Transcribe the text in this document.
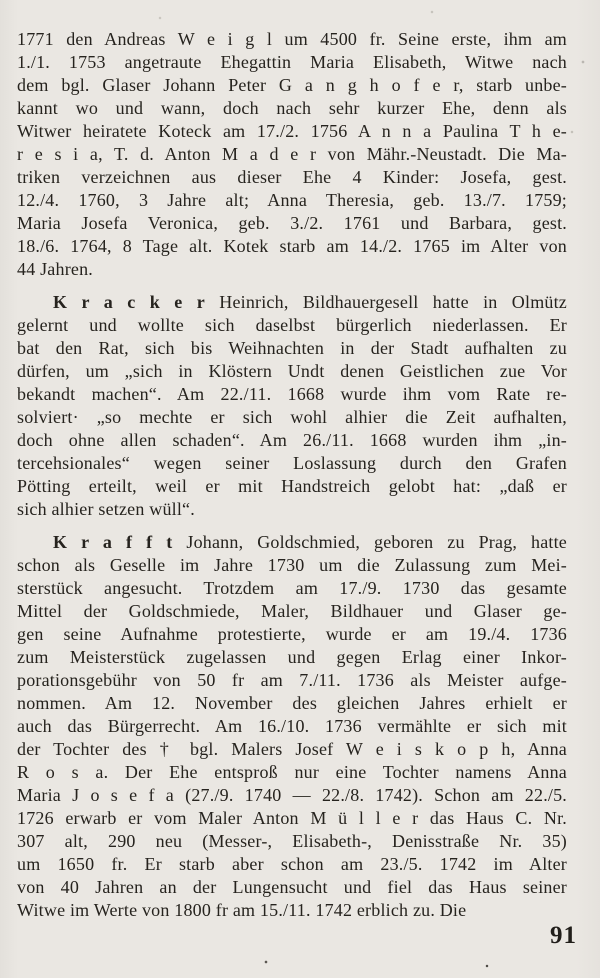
1771 den Andreas W e i g l um 4500 fr. Seine erste, ihm am
1./1. 1753 angetraute Ehegattin Maria Elisabeth, Witwe nach
dem bgl. Glaser Johann Peter G a n g h o f e r, starb unbe-
kannt wo und wann, doch nach sehr kurzer Ehe, denn als
Witwer heiratete Koteck am 17./2. 1756 A n n a Paulina T h e-
r e s i a, T. d. Anton M a d e r von Mähr.-Neustadt. Die Ma-
triken verzeichnen aus dieser Ehe 4 Kinder: Josefa, gest.
12./4. 1760, 3 Jahre alt; Anna Theresia, geb. 13./7. 1759;
Maria Josefa Veronica, geb. 3./2. 1761 und Barbara, gest.
18./6. 1764, 8 Tage alt. Kotek starb am 14./2. 1765 im Alter von
44 Jahren.
K r a c k e r Heinrich, Bildhauergesell hatte in Olmütz
gelernt und wollte sich daselbst bürgerlich niederlassen. Er
bat den Rat, sich bis Weihnachten in der Stadt aufhalten zu
dürfen, um „sich in Klöstern Undt denen Geistlichen zue Vor
bekandt machen“. Am 22./11. 1668 wurde ihm vom Rate re-
solviert· „so mechte er sich wohl alhier die Zeit aufhalten,
doch ohne allen schaden“. Am 26./11. 1668 wurden ihm „in-
tercehsionales“ wegen seiner Loslassung durch den Grafen
Pötting erteilt, weil er mit Handstreich gelobt hat: „daß er
sich alhier setzen wüll“.
K r a f f t Johann, Goldschmied, geboren zu Prag, hatte
schon als Geselle im Jahre 1730 um die Zulassung zum Mei-
sterstück angesucht. Trotzdem am 17./9. 1730 das gesamte
Mittel der Goldschmiede, Maler, Bildhauer und Glaser ge-
gen seine Aufnahme protestierte, wurde er am 19./4. 1736
zum Meisterstück zugelassen und gegen Erlag einer Inkor-
porationsgebühr von 50 fr am 7./11. 1736 als Meister aufge-
nommen. Am 12. November des gleichen Jahres erhielt er
auch das Bürgerrecht. Am 16./10. 1736 vermählte er sich mit
der Tochter des † bgl. Malers Josef W e i s k o p h, Anna
R o s a. Der Ehe entsproß nur eine Tochter namens Anna
Maria J o s e f a (27./9. 1740 — 22./8. 1742). Schon am 22./5.
1726 erwarb er vom Maler Anton M ü l l e r das Haus C. Nr.
307 alt, 290 neu (Messer-, Elisabeth-, Denisstraße Nr. 35)
um 1650 fr. Er starb aber schon am 23./5. 1742 im Alter
von 40 Jahren an der Lungensucht und fiel das Haus seiner
Witwe im Werte von 1800 fr am 15./11. 1742 erblich zu. Die
91
